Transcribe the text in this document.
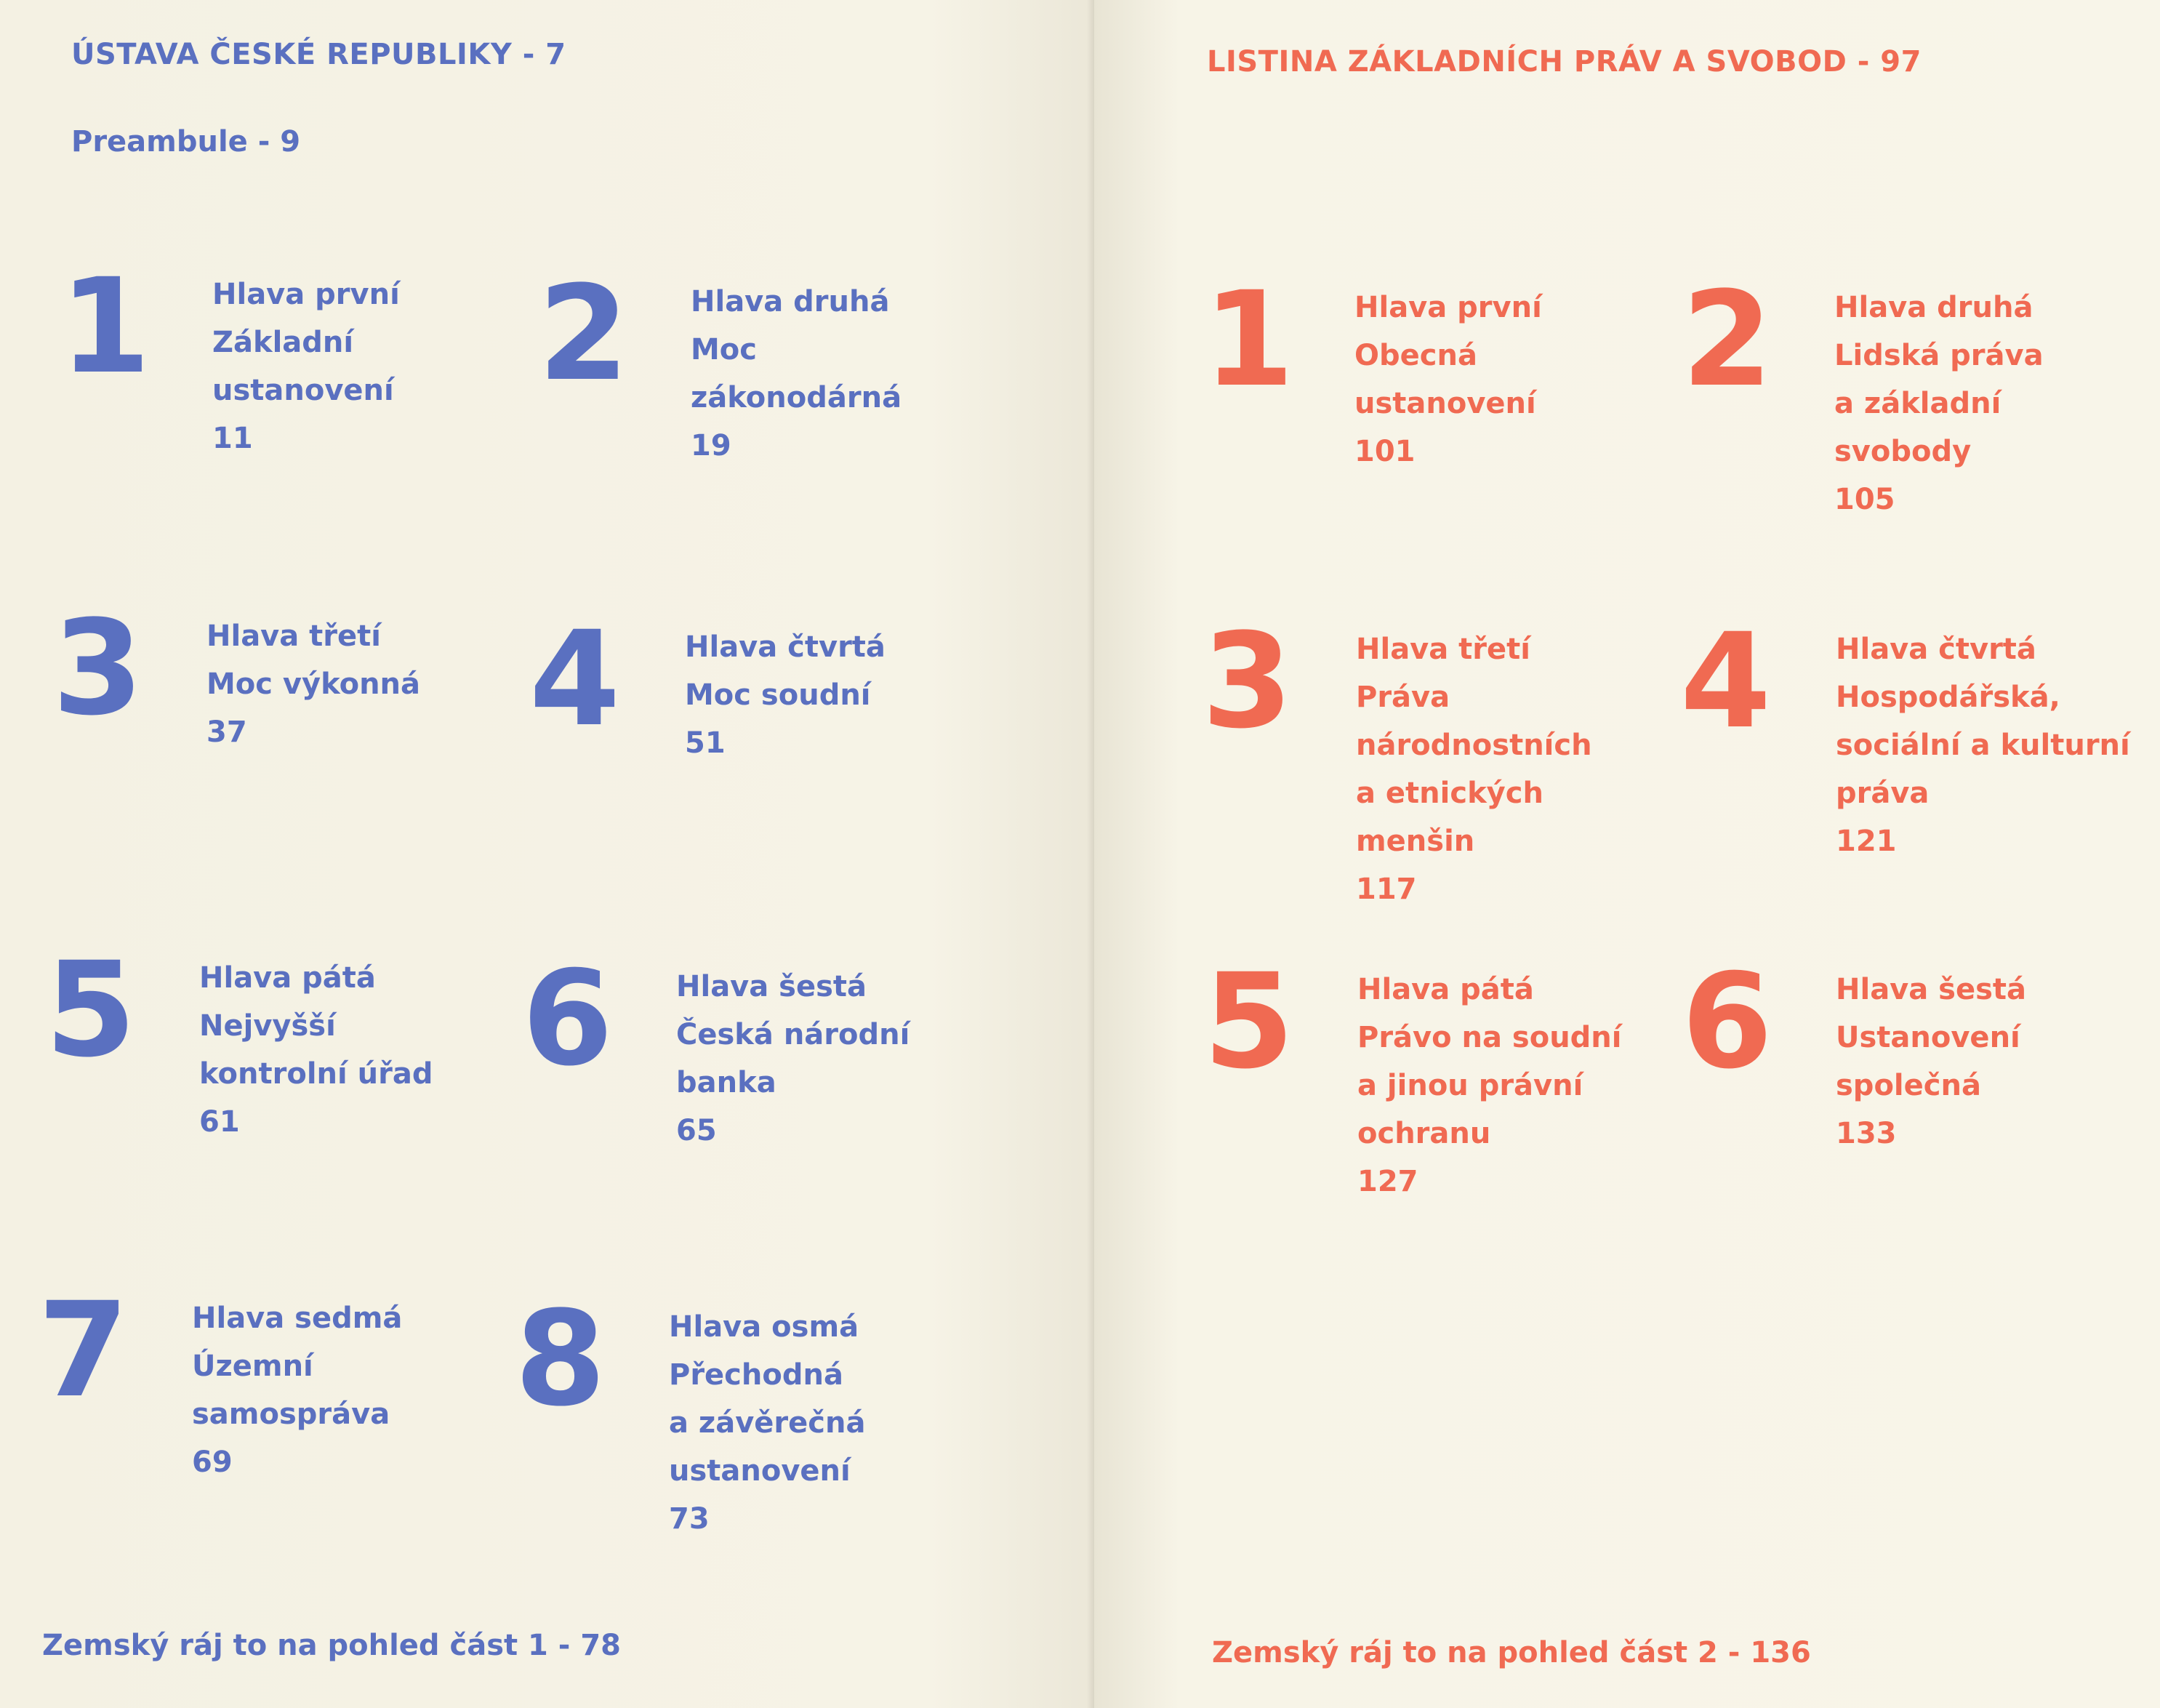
ÚSTAVA ČESKÉ REPUBLIKY - 7
Preambule - 9
1 Hlava první
Základní
ustanovení
11
2 Hlava druhá
Moc
zákonodárná
19
3 Hlava třetí
Moc výkonná
37	4 Hlava čtvrtá
Moc soudní
51
5 Hlava pátá
Nejvyšší
kontrolní úřad
61
6 Hlava šestá
Česká národní
banka
65
7 Hlava sedmá
Územní
samospráva
69
8 Hlava osmá
Přechodná
a závěrečná
ustanovení
73
Zemský ráj to na pohled část 1 - 78
LISTINA ZÁKLADNÍCH PRÁV A SVOBOD - 97
1 Hlava první
Obecná
ustanovení
101
2 Hlava druhá
Lidská práva
a základní
svobody
105
3 Hlava třetí
Práva
národnostních
a etnických
menšin
117
4 Hlava čtvrtá
Hospodářská,
sociální a kulturní
práva
121
5 Hlava pátá
Právo na soudní
a jinou právní
ochranu
127
6 Hlava šestá
Ustanovení
společná
133
Zemský ráj to na pohled část 2 - 136
